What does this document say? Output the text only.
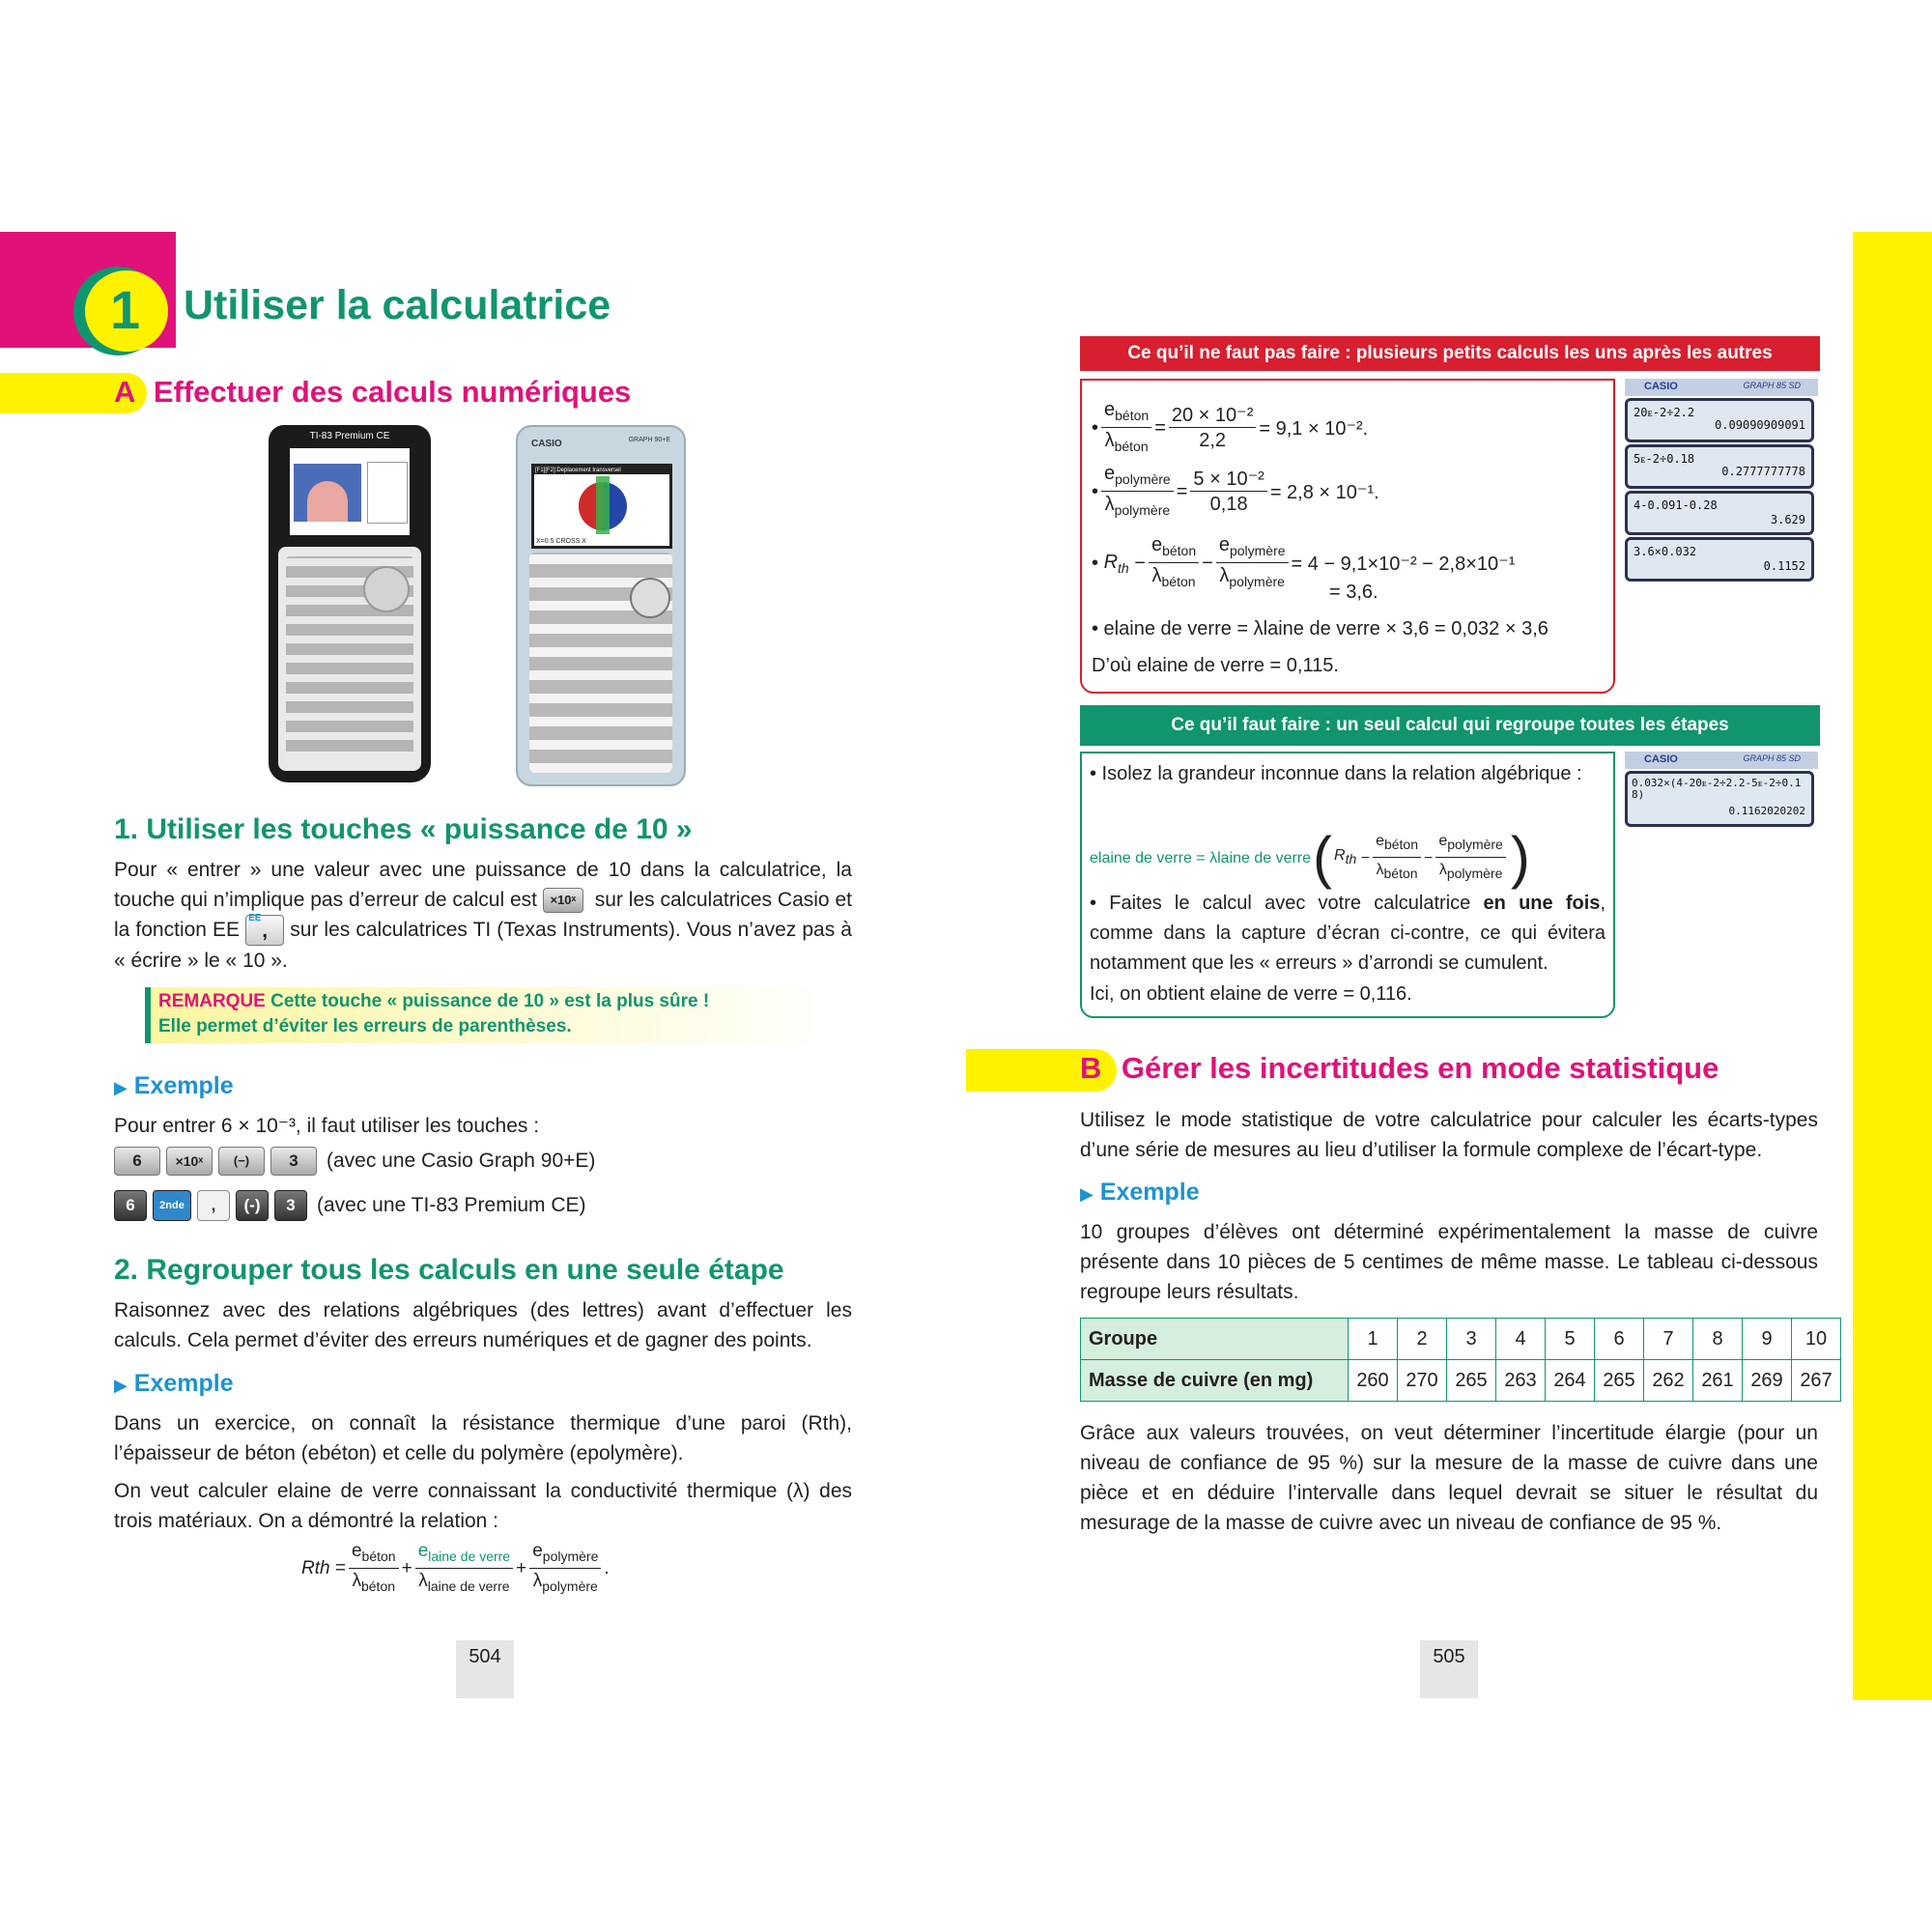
1 Utiliser la calculatrice
A Effectuer des calculs numériques
TI-83 Premium CE
CASIO	GRAPH 90+E
[F1][F2]:Deplacement transversel
X=0.5 CROSS X
1. Utiliser les touches « puissance de 10 »
Pour « entrer » une valeur avec une puissance de 10 dans la calculatrice, la touche qui n’implique pas d’erreur de calcul est ×10ˣ sur les calculatrices Casio et la fonction EE
EE
, sur les calculatrices TI (Texas Instruments). Vous n’avez pas à « écrire » le « 10 ».
REMARQUE Cette touche « puissance de 10 » est la plus sûre !
Elle permet d’éviter les erreurs de parenthèses.
▶ Exemple
Pour entrer 6 × 10⁻³, il faut utiliser les touches :
6	×10ˣ	(−)	3	(avec une Casio Graph 90+E)
6	2nde	,	(-)	3	(avec une TI-83 Premium CE)
2. Regrouper tous les calculs en une seule étape
Raisonnez avec des relations algébriques (des lettres) avant d’effectuer les calculs. Cela permet d’éviter des erreurs numériques et de gagner des points.
▶ Exemple
Dans un exercice, on connaît la résistance thermique d’une paroi (Rth), l’épaisseur de béton (ebéton) et celle du polymère (epolymère).
On veut calculer elaine de verre connaissant la conductivité thermique (λ) des trois matériaux. On a démontré la relation :
Rth = $\frac{e_{béton}}{\lambda_{béton}} + \frac{e_{laine de verre}}{\lambda_{laine de verre}} + \frac{e_{polymère}}{\lambda_{polymère}}$ .
504
Ce qu’il ne faut pas faire : plusieurs petits calculs les uns après les autres
• $\frac{e_{béton}}{\lambda_{béton}} = \frac{\text{20 × 10⁻²}}{2,2} = 9,1 \times 10^{-2}$.
• $\frac{e_{polymère}}{\lambda_{polymère}} = \frac{\text{5 × 10⁻²}}{0,18} = 2,8 \times 10^{-1}$.
• $R_{th} - \frac{e_{béton}}{\lambda_{béton}} - \frac{e_{polymère}}{\lambda_{polymère}} = 4 - 9,1\times 10^{-2} - 2,8\times 10^{-1}$
= 3,6.
• elaine de verre = λlaine de verre × 3,6 = 0,032 × 3,6
D’où elaine de verre = 0,115.
CASIO	GRAPH 85 SD
20ᴇ-2÷2.2
0.09090909091
5ᴇ-2÷0.18
0.2777777778
4-0.091-0.28
3.629
3.6×0.032
0.1152
Ce qu’il faut faire : un seul calcul qui regroupe toutes les étapes
• Isolez la grandeur inconnue dans la relation algébrique :
elaine de verre = λlaine de verre ( $R_{th} - \frac{e_{béton}}{\lambda_{béton}} - \frac{e_{polymère}}{\lambda_{polymère}}$ )
• Faites le calcul avec votre calculatrice en une fois, comme dans la capture d’écran ci-contre, ce qui évitera notamment que les « erreurs » d’arrondi se cumulent.
Ici, on obtient elaine de verre = 0,116.
CASIO	GRAPH 85 SD
0.032×(4-20ᴇ-2÷2.2-5ᴇ-2÷0.18)
0.1162020202
B Gérer les incertitudes en mode statistique
Utilisez le mode statistique de votre calculatrice pour calculer les écarts-types d’une série de mesures au lieu d’utiliser la formule complexe de l’écart-type.
▶ Exemple
10 groupes d’élèves ont déterminé expérimentalement la masse de cuivre présente dans 10 pièces de 5 centimes de même masse. Le tableau ci-dessous regroupe leurs résultats.
Groupe	1	2	3	4	5	6	7	8	9	10
Masse de cuivre (en mg)	260	270	265	263	264	265	262	261	269	267
Grâce aux valeurs trouvées, on veut déterminer l’incertitude élargie (pour un niveau de confiance de 95 %) sur la mesure de la masse de cuivre dans une pièce et en déduire l’intervalle dans lequel devrait se situer le résultat du mesurage de la masse de cuivre avec un niveau de confiance de 95 %.
505
